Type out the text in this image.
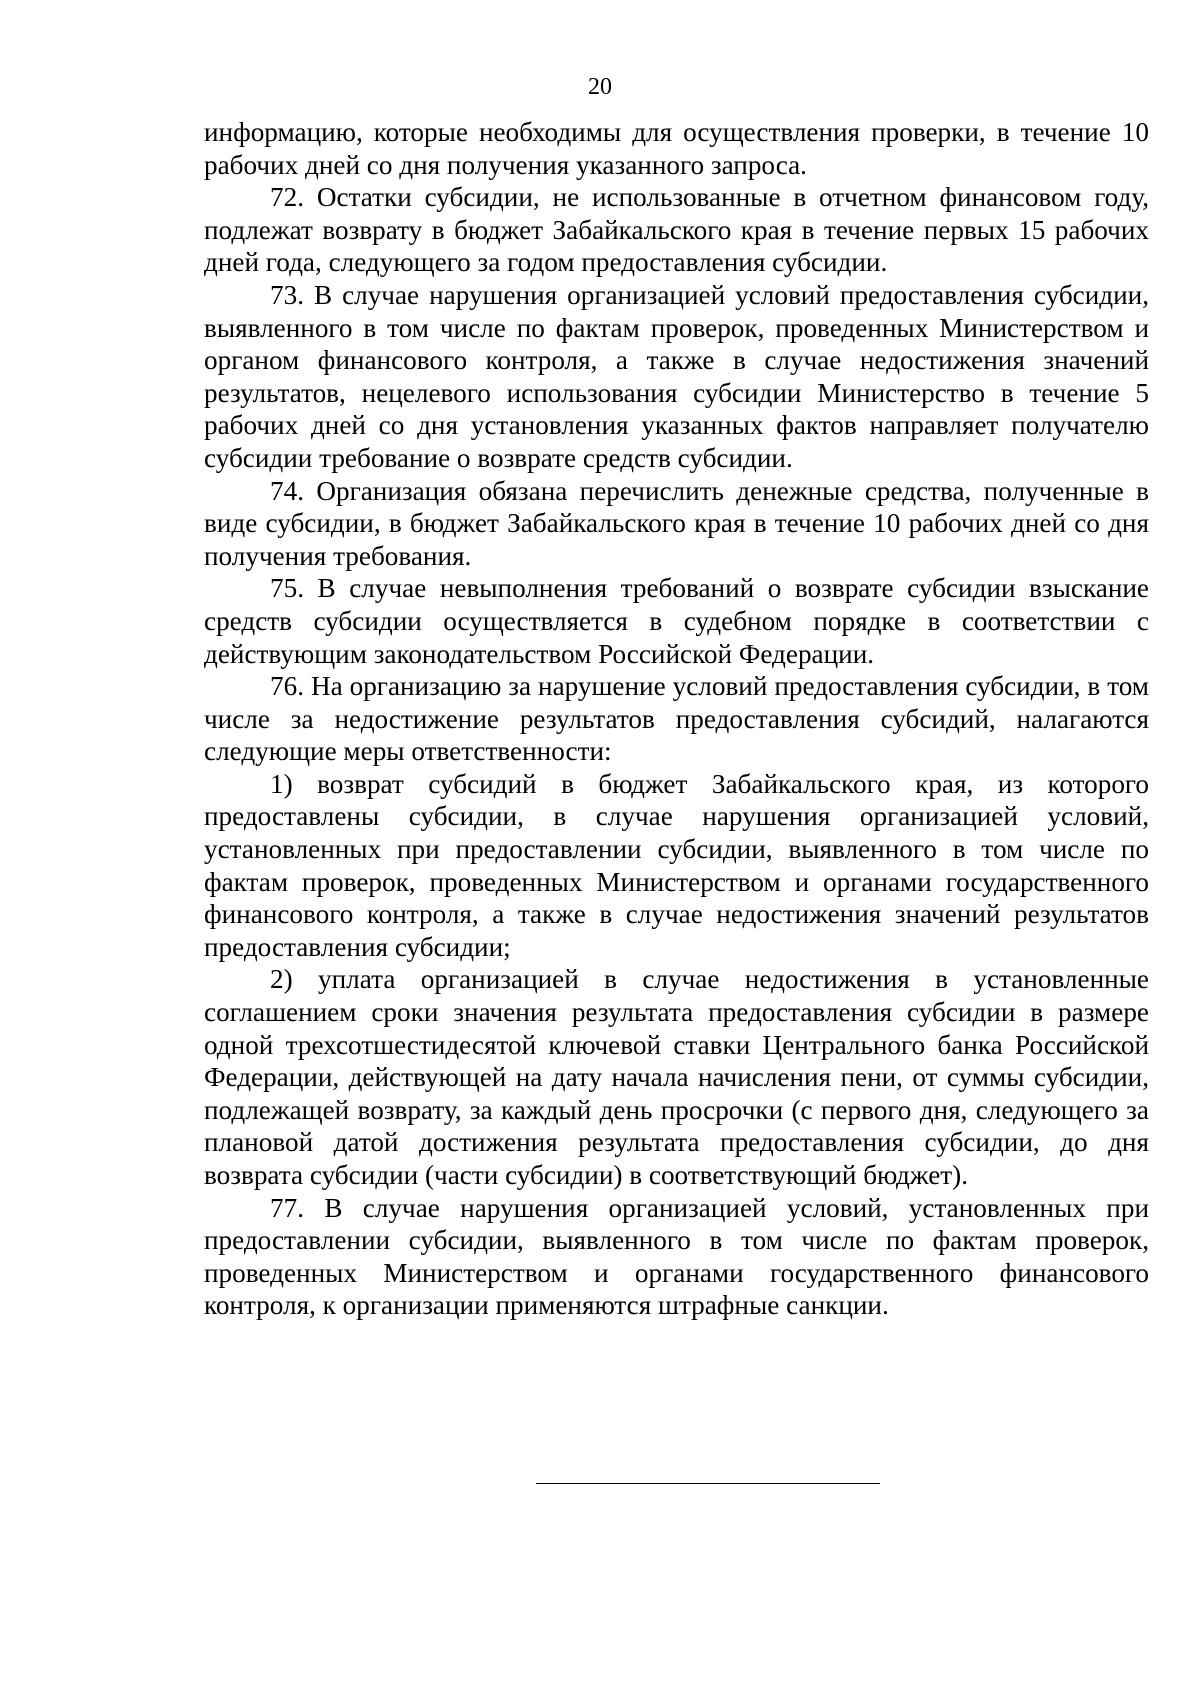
20

информацию, которые необходимы для осуществления проверки, в течение 10 рабочих дней со дня получения указанного запроса.

72. Остатки субсидии, не использованные в отчетном финансовом году, подлежат возврату в бюджет Забайкальского края в течение первых 15 рабочих дней года, следующего за годом предоставления субсидии.

73. В случае нарушения организацией условий предоставления субсидии, выявленного в том числе по фактам проверок, проведенных Министерством и органом финансового контроля, а также в случае недостижения значений результатов, нецелевого использования субсидии Министерство в течение 5 рабочих дней со дня установления указанных фактов направляет получателю субсидии требование о возврате средств субсидии.

74. Организация обязана перечислить денежные средства, полученные в виде субсидии, в бюджет Забайкальского края в течение 10 рабочих дней со дня получения требования.

75. В случае невыполнения требований о возврате субсидии взыскание средств субсидии осуществляется в судебном порядке в соответствии с действующим законодательством Российской Федерации.

76. На организацию за нарушение условий предоставления субсидии, в том числе за недостижение результатов предоставления субсидий, налагаются следующие меры ответственности:

1) возврат субсидий в бюджет Забайкальского края, из которого предоставлены субсидии, в случае нарушения организацией условий, установленных при предоставлении субсидии, выявленного в том числе по фактам проверок, проведенных Министерством и органами государственного финансового контроля, а также в случае недостижения значений результатов предоставления субсидии;

2) уплата организацией в случае недостижения в установленные соглашением сроки значения результата предоставления субсидии в размере одной трехсотшестидесятой ключевой ставки Центрального банка Российской Федерации, действующей на дату начала начисления пени, от суммы субсидии, подлежащей возврату, за каждый день просрочки (с первого дня, следующего за плановой датой достижения результата предоставления субсидии, до дня возврата субсидии (части субсидии) в соответствующий бюджет).

77. В случае нарушения организацией условий, установленных при предоставлении субсидии, выявленного в том числе по фактам проверок, проведенных Министерством и органами государственного финансового контроля, к организации применяются штрафные санкции.
